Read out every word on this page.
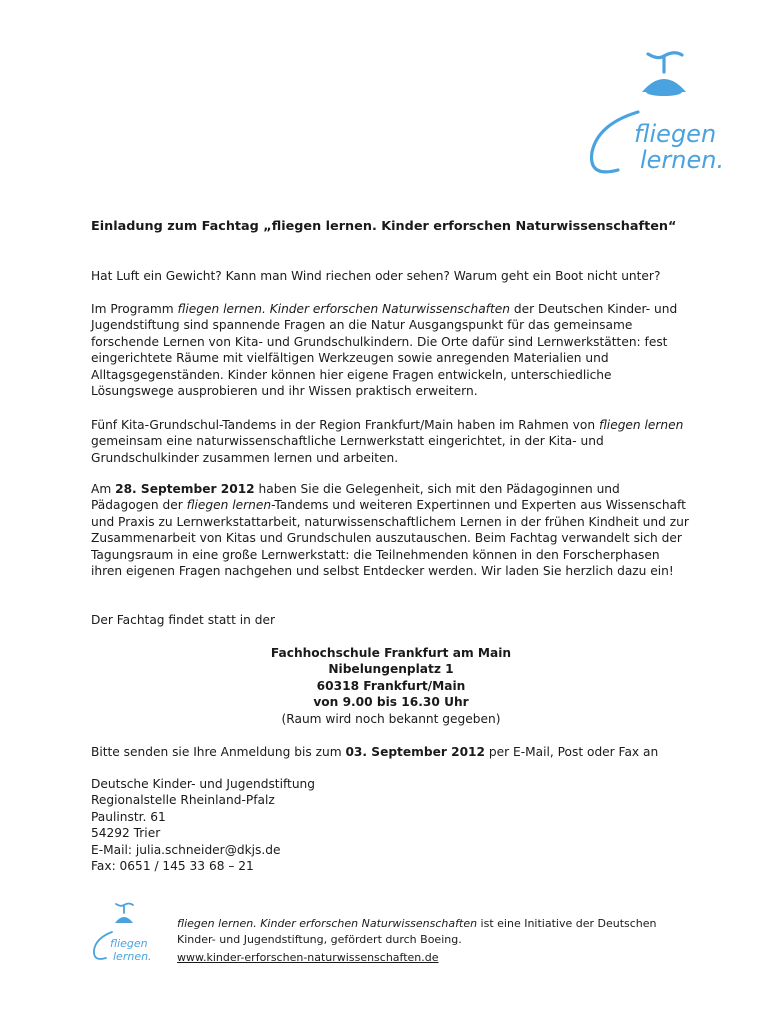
fliegen
lernen.

Einladung zum Fachtag „fliegen lernen. Kinder erforschen Naturwissenschaften“

Hat Luft ein Gewicht? Kann man Wind riechen oder sehen? Warum geht ein Boot nicht unter?

Im Programm fliegen lernen. Kinder erforschen Naturwissenschaften der Deutschen Kinder- und Jugendstiftung sind spannende Fragen an die Natur Ausgangspunkt für das gemeinsame forschende Lernen von Kita- und Grundschulkindern. Die Orte dafür sind Lernwerkstätten: fest eingerichtete Räume mit vielfältigen Werkzeugen sowie anregenden Materialien und Alltagsgegenständen. Kinder können hier eigene Fragen entwickeln, unterschiedliche Lösungswege ausprobieren und ihr Wissen praktisch erweitern.

Fünf Kita-Grundschul-Tandems in der Region Frankfurt/Main haben im Rahmen von fliegen lernen gemeinsam eine naturwissenschaftliche Lernwerkstatt eingerichtet, in der Kita- und Grundschulkinder zusammen lernen und arbeiten.

Am 28. September 2012 haben Sie die Gelegenheit, sich mit den Pädagoginnen und Pädagogen der fliegen lernen-Tandems und weiteren Expertinnen und Experten aus Wissenschaft und Praxis zu Lernwerkstattarbeit, naturwissenschaftlichem Lernen in der frühen Kindheit und zur Zusammenarbeit von Kitas und Grundschulen auszutauschen. Beim Fachtag verwandelt sich der Tagungsraum in eine große Lernwerkstatt: die Teilnehmenden können in den Forscherphasen ihren eigenen Fragen nachgehen und selbst Entdecker werden. Wir laden Sie herzlich dazu ein!

Der Fachtag findet statt in der

Fachhochschule Frankfurt am Main
Nibelungenplatz 1
60318 Frankfurt/Main
von 9.00 bis 16.30 Uhr
(Raum wird noch bekannt gegeben)

Bitte senden sie Ihre Anmeldung bis zum 03. September 2012 per E-Mail, Post oder Fax an

Deutsche Kinder- und Jugendstiftung
Regionalstelle Rheinland-Pfalz
Paulinstr. 61
54292 Trier
E-Mail: julia.schneider@dkjs.de
Fax: 0651 / 145 33 68 – 21
fliegen
lernen.

fliegen lernen. Kinder erforschen Naturwissenschaften ist eine Initiative der Deutschen Kinder- und Jugendstiftung, gefördert durch Boeing.

www.kinder-erforschen-naturwissenschaften.de
